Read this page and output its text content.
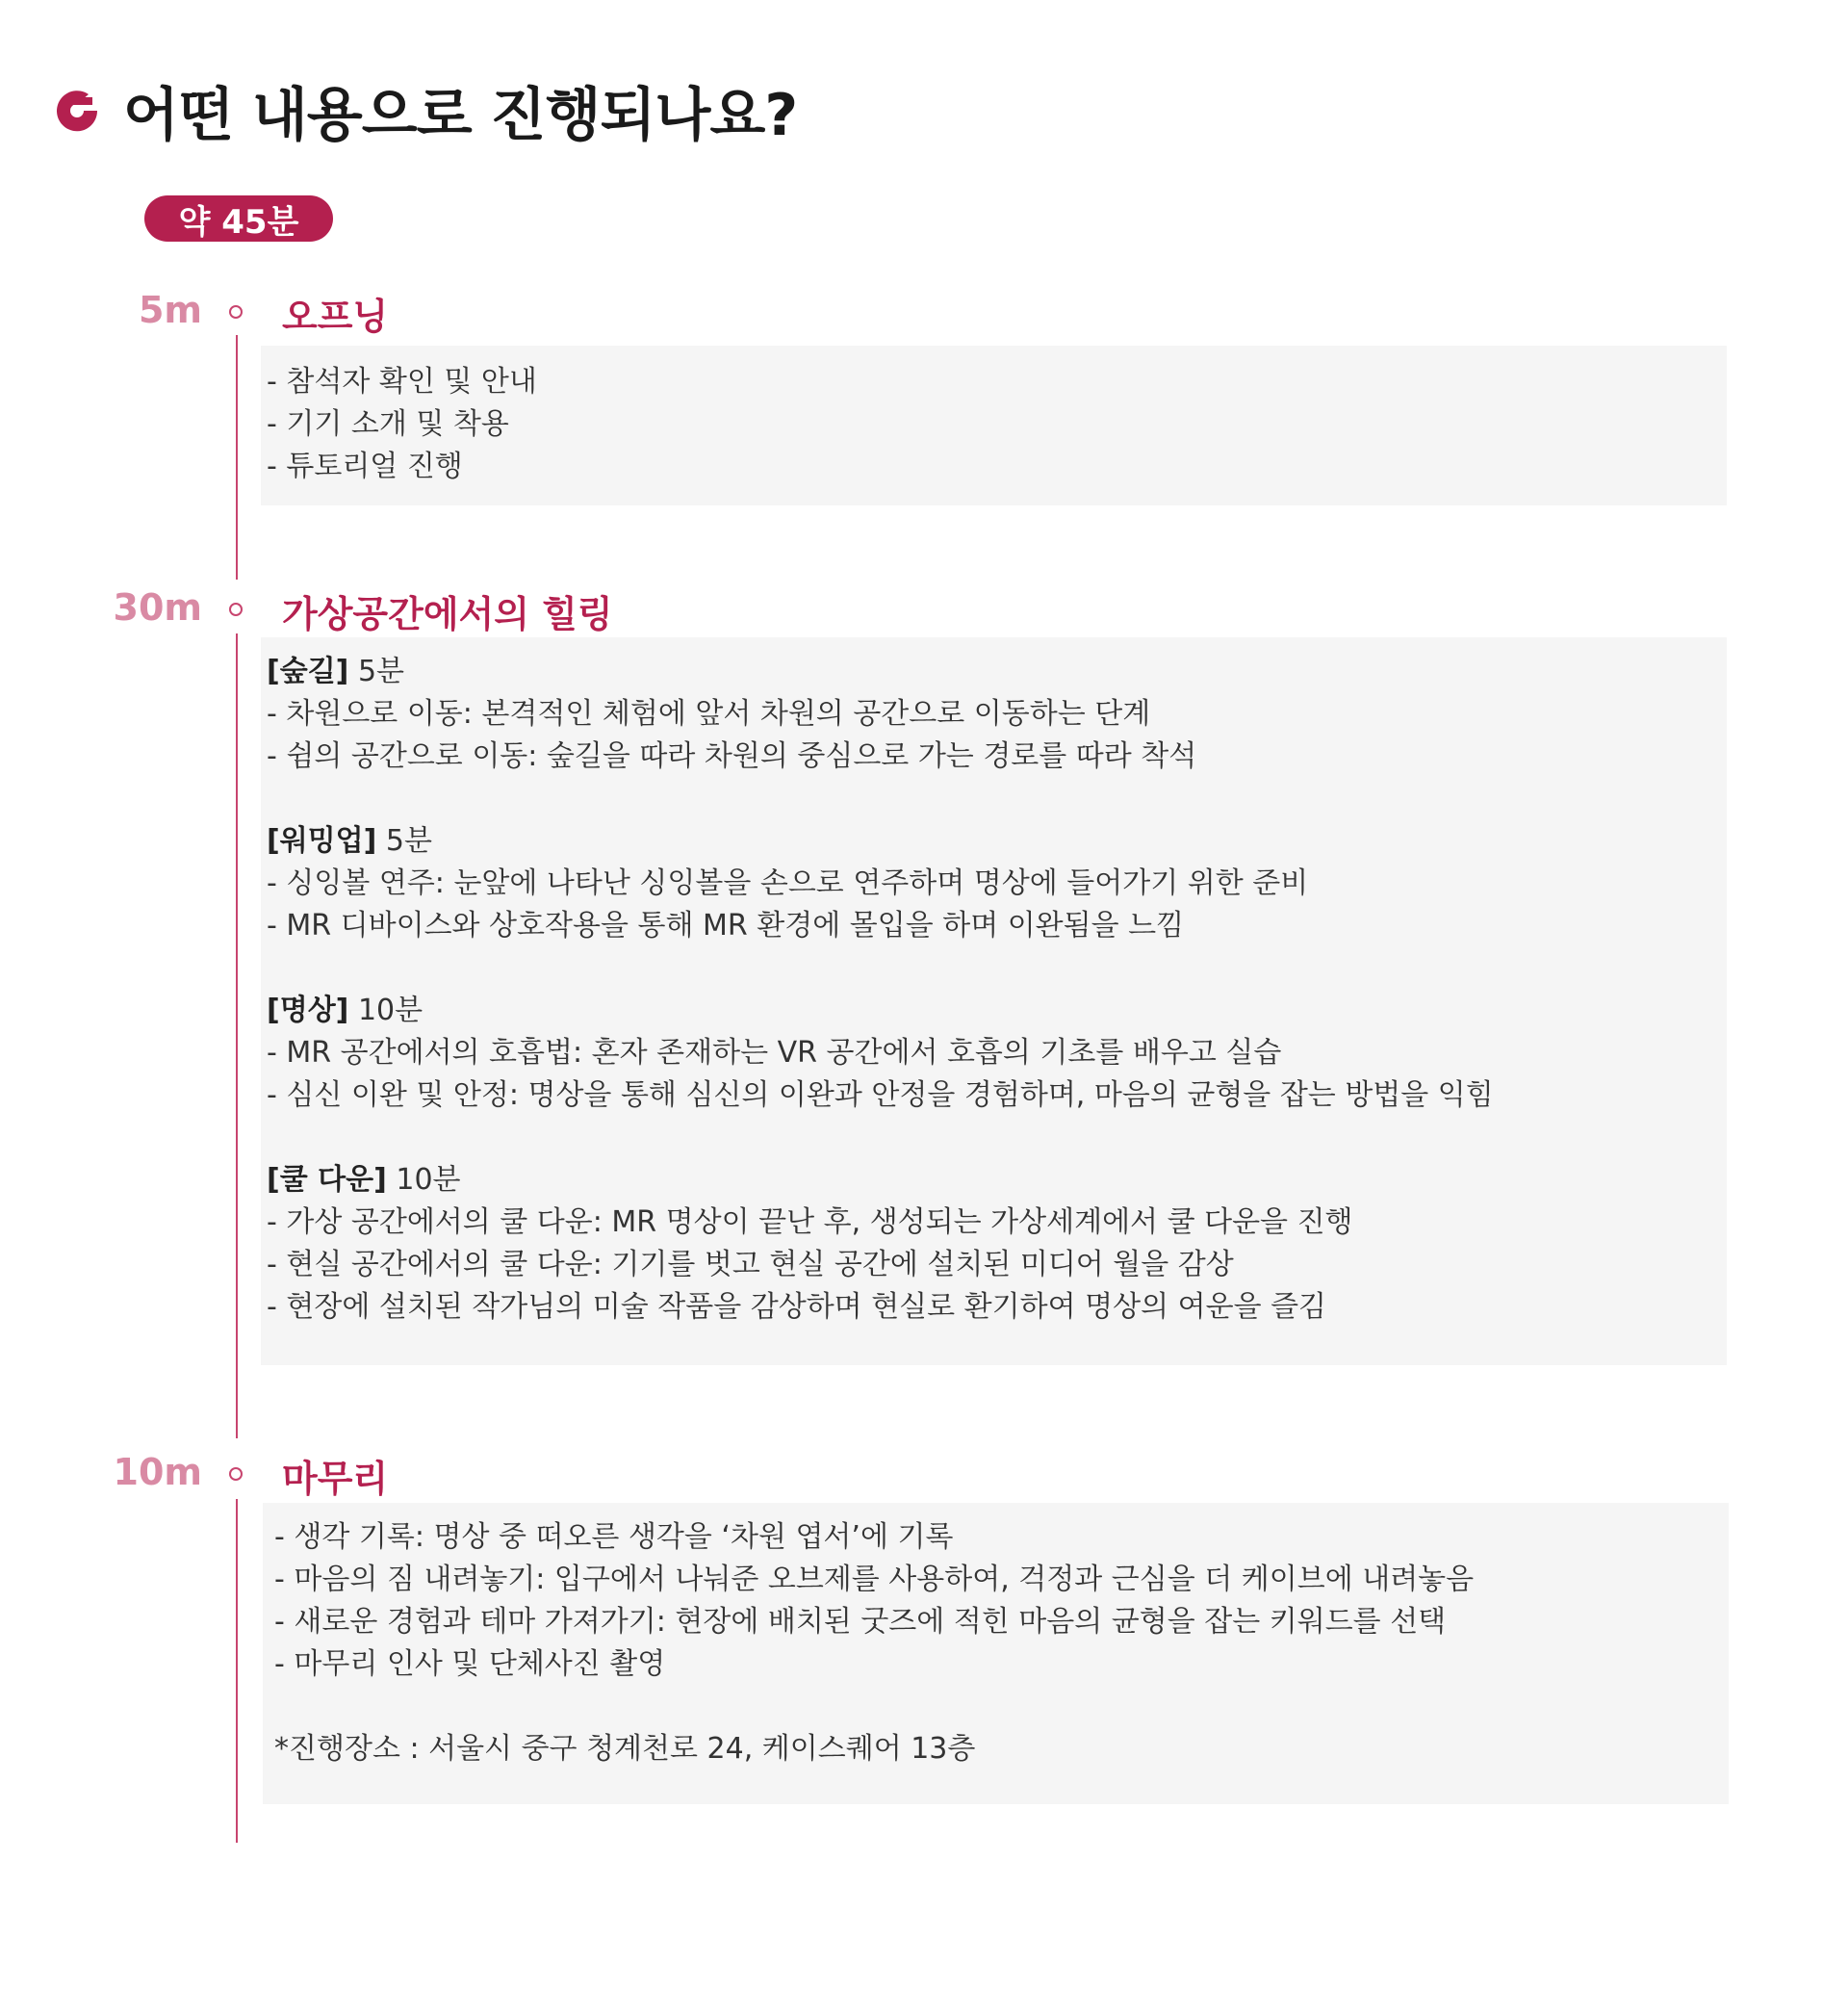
어떤 내용으로 진행되나요?
약 45분
5m 오프닝
- 참석자 확인 및 안내
- 기기 소개 및 착용
- 튜토리얼 진행
30m 가상공간에서의 힐링
[숲길] 5분
- 차원으로 이동: 본격적인 체험에 앞서 차원의 공간으로 이동하는 단계
- 쉼의 공간으로 이동: 숲길을 따라 차원의 중심으로 가는 경로를 따라 착석
[워밍업] 5분
- 싱잉볼 연주: 눈앞에 나타난 싱잉볼을 손으로 연주하며 명상에 들어가기 위한 준비
- MR 디바이스와 상호작용을 통해 MR 환경에 몰입을 하며 이완됨을 느낌
[명상] 10분
- MR 공간에서의 호흡법: 혼자 존재하는 VR 공간에서 호흡의 기초를 배우고 실습
- 심신 이완 및 안정: 명상을 통해 심신의 이완과 안정을 경험하며, 마음의 균형을 잡는 방법을 익힘
[쿨 다운] 10분
- 가상 공간에서의 쿨 다운: MR 명상이 끝난 후, 생성되는 가상세계에서 쿨 다운을 진행
- 현실 공간에서의 쿨 다운: 기기를 벗고 현실 공간에 설치된 미디어 월을 감상
- 현장에 설치된 작가님의 미술 작품을 감상하며 현실로 환기하여 명상의 여운을 즐김
10m 마무리
- 생각 기록: 명상 중 떠오른 생각을 ‘차원 엽서’에 기록
- 마음의 짐 내려놓기: 입구에서 나눠준 오브제를 사용하여, 걱정과 근심을 더 케이브에 내려놓음
- 새로운 경험과 테마 가져가기: 현장에 배치된 굿즈에 적힌 마음의 균형을 잡는 키워드를 선택
- 마무리 인사 및 단체사진 촬영
*진행장소 : 서울시 중구 청계천로 24, 케이스퀘어 13층
